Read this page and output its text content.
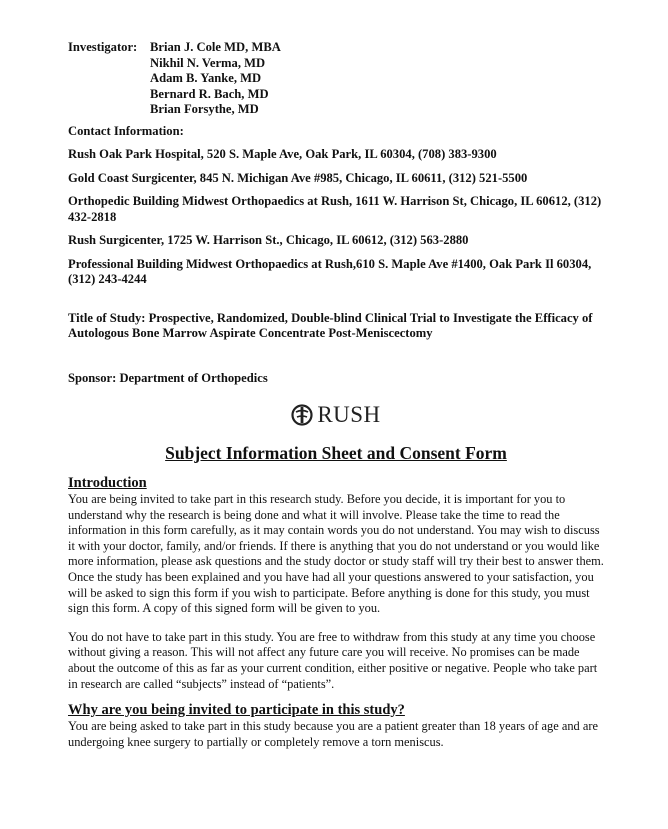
Investigator:	Brian J. Cole MD, MBA
Nikhil N. Verma, MD
Adam B. Yanke, MD
Bernard R. Bach, MD
Brian Forsythe, MD
Contact Information:
Rush Oak Park Hospital, 520 S. Maple Ave, Oak Park, IL 60304, (708) 383-9300
Gold Coast Surgicenter, 845 N. Michigan Ave #985, Chicago, IL 60611, (312) 521-5500
Orthopedic Building Midwest Orthopaedics at Rush, 1611 W. Harrison St, Chicago, IL 60612, (312) 432-2818
Rush Surgicenter, 1725 W. Harrison St., Chicago, IL 60612, (312) 563-2880
Professional Building Midwest Orthopaedics at Rush,610 S. Maple Ave #1400, Oak Park Il 60304,(312) 243-4244
Title of Study: Prospective, Randomized, Double-blind Clinical Trial to Investigate the Efficacy of Autologous Bone Marrow Aspirate Concentrate Post-Meniscectomy
Sponsor: Department of Orthopedics
RUSH
Subject Information Sheet and Consent Form
Introduction

You are being invited to take part in this research study. Before you decide, it is important for you to understand why the research is being done and what it will involve. Please take the time to read the information in this form carefully, as it may contain words you do not understand. You may wish to discuss it with your doctor, family, and/or friends. If there is anything that you do not understand or you would like more information, please ask questions and the study doctor or study staff will try their best to answer them. Once the study has been explained and you have had all your questions answered to your satisfaction, you will be asked to sign this form if you wish to participate. Before anything is done for this study, you must sign this form. A copy of this signed form will be given to you.

You do not have to take part in this study. You are free to withdraw from this study at any time you choose without giving a reason. This will not affect any future care you will receive. No promises can be made about the outcome of this as far as your current condition, either positive or negative. People who take part in research are called “subjects” instead of “patients”.

Why are you being invited to participate in this study?

You are being asked to take part in this study because you are a patient greater than 18 years of age and are undergoing knee surgery to partially or completely remove a torn meniscus.
